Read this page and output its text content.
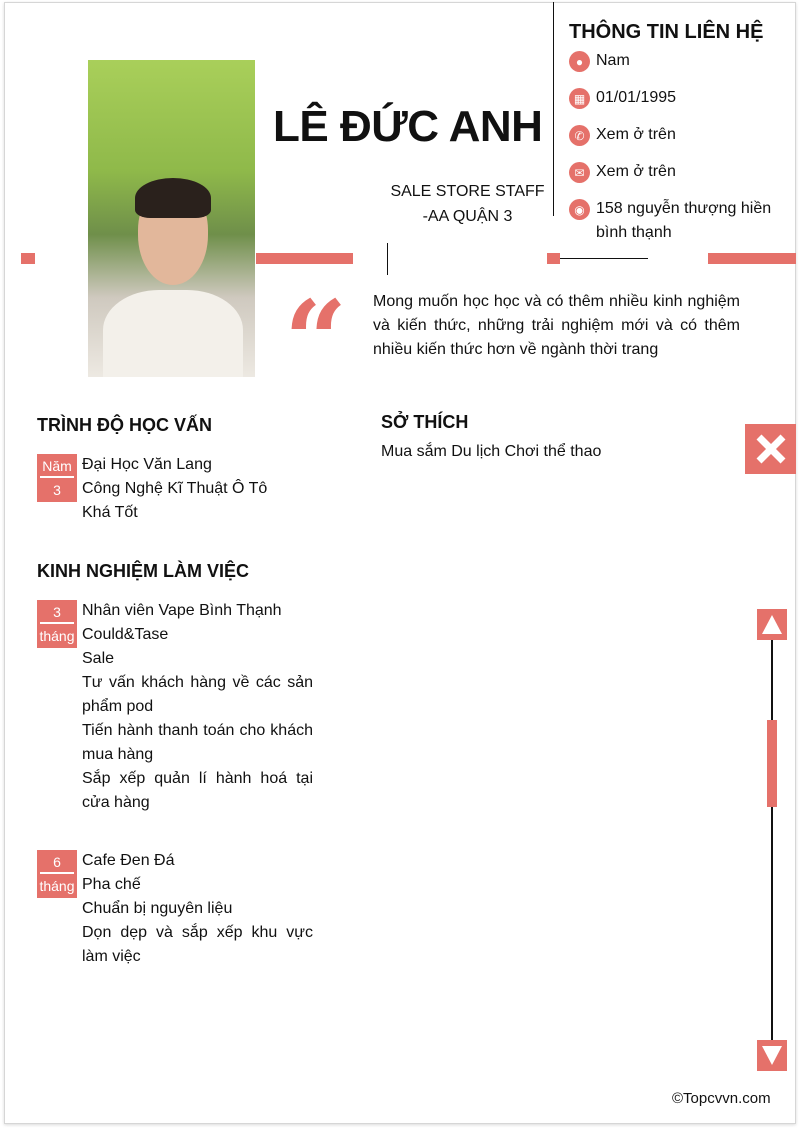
LÊ ĐỨC ANH
SALE STORE STAFF
-AA QUẬN 3
THÔNG TIN LIÊN HỆ
● Nam
▦ 01/01/1995
✆ Xem ở trên
✉ Xem ở trên
◉ 158 nguyễn thượng hiền bình thạnh
“ Mong muốn học học và có thêm nhiều kinh nghiệm và kiến thức, những trải nghiệm mới và có thêm nhiều kiến thức hơn về ngành thời trang
TRÌNH ĐỘ HỌC VẤN
Năm
3
Đại Học Văn Lang
Công Nghệ Kĩ Thuật Ô Tô
Khá Tốt
SỞ THÍCH
Mua sắm Du lịch Chơi thể thao
KINH NGHIỆM LÀM VIỆC
3
tháng
Nhân viên Vape Bình Thạnh
Could&Tase
Sale
Tư vấn khách hàng về các sản phẩm pod
Tiến hành thanh toán cho khách mua hàng
Sắp xếp quản lí hành hoá tại cửa hàng
6
tháng
Cafe Đen Đá
Pha chế
Chuẩn bị nguyên liệu
Dọn dẹp và sắp xếp khu vực làm việc
©Topcvvn.com
